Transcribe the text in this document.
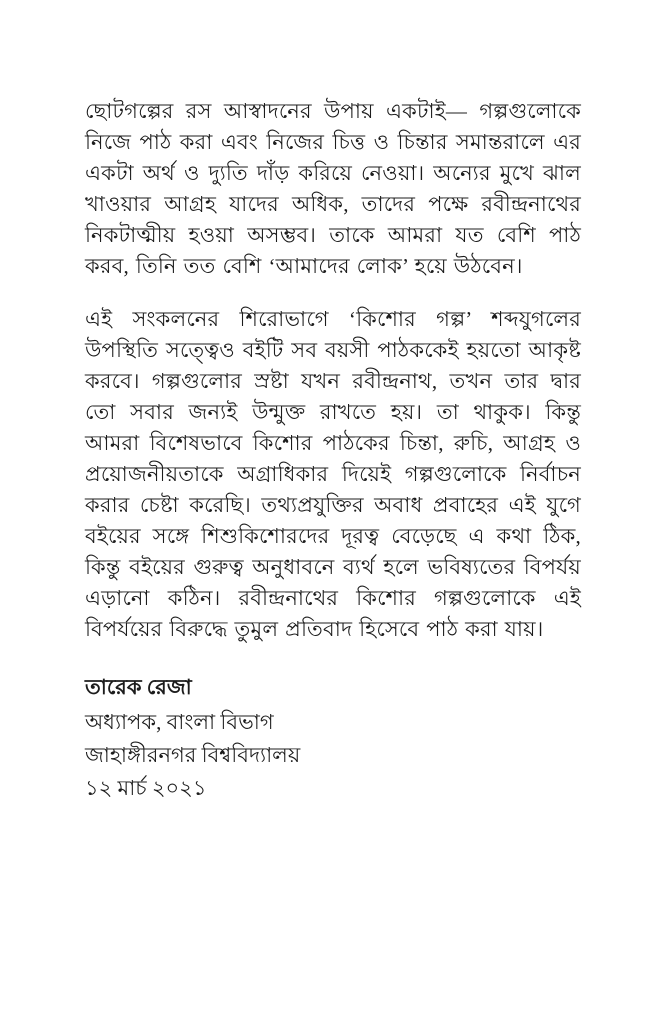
ছোটগল্পের রস আস্বাদনের উপায় একটাই— গল্পগুলোকে নিজে পাঠ করা এবং নিজের চিত্ত ও চিন্তার সমান্তরালে এর একটা অর্থ ও দ্যুতি দাঁড় করিয়ে নেওয়া। অন্যের মুখে ঝাল খাওয়ার আগ্রহ যাদের অধিক, তাদের পক্ষে রবীন্দ্রনাথের নিকটাত্মীয় হওয়া অসম্ভব। তাকে আমরা যত বেশি পাঠ করব, তিনি তত বেশি ‘আমাদের লোক’ হয়ে উঠবেন।

এই সংকলনের শিরোভাগে ‘কিশোর গল্প’ শব্দযুগলের উপস্থিতি সত্ত্বেও বইটি সব বয়সী পাঠককেই হয়তো আকৃষ্ট করবে। গল্পগুলোর স্রষ্টা যখন রবীন্দ্রনাথ, তখন তার দ্বার তো সবার জন্যই উন্মুক্ত রাখতে হয়। তা থাকুক। কিন্তু আমরা বিশেষভাবে কিশোর পাঠকের চিন্তা, রুচি, আগ্রহ ও প্রয়োজনীয়তাকে অগ্রাধিকার দিয়েই গল্পগুলোকে নির্বাচন করার চেষ্টা করেছি। তথ্যপ্রযুক্তির অবাধ প্রবাহের এই যুগে বইয়ের সঙ্গে শিশুকিশোরদের দূরত্ব বেড়েছে এ কথা ঠিক, কিন্তু বইয়ের গুরুত্ব অনুধাবনে ব্যর্থ হলে ভবিষ্যতের বিপর্যয় এড়ানো কঠিন। রবীন্দ্রনাথের কিশোর গল্পগুলোকে এই বিপর্যয়ের বিরুদ্ধে তুমুল প্রতিবাদ হিসেবে পাঠ করা যায়।

তারেক রেজা
অধ্যাপক, বাংলা বিভাগ
জাহাঙ্গীরনগর বিশ্ববিদ্যালয়
১২ মার্চ ২০২১
